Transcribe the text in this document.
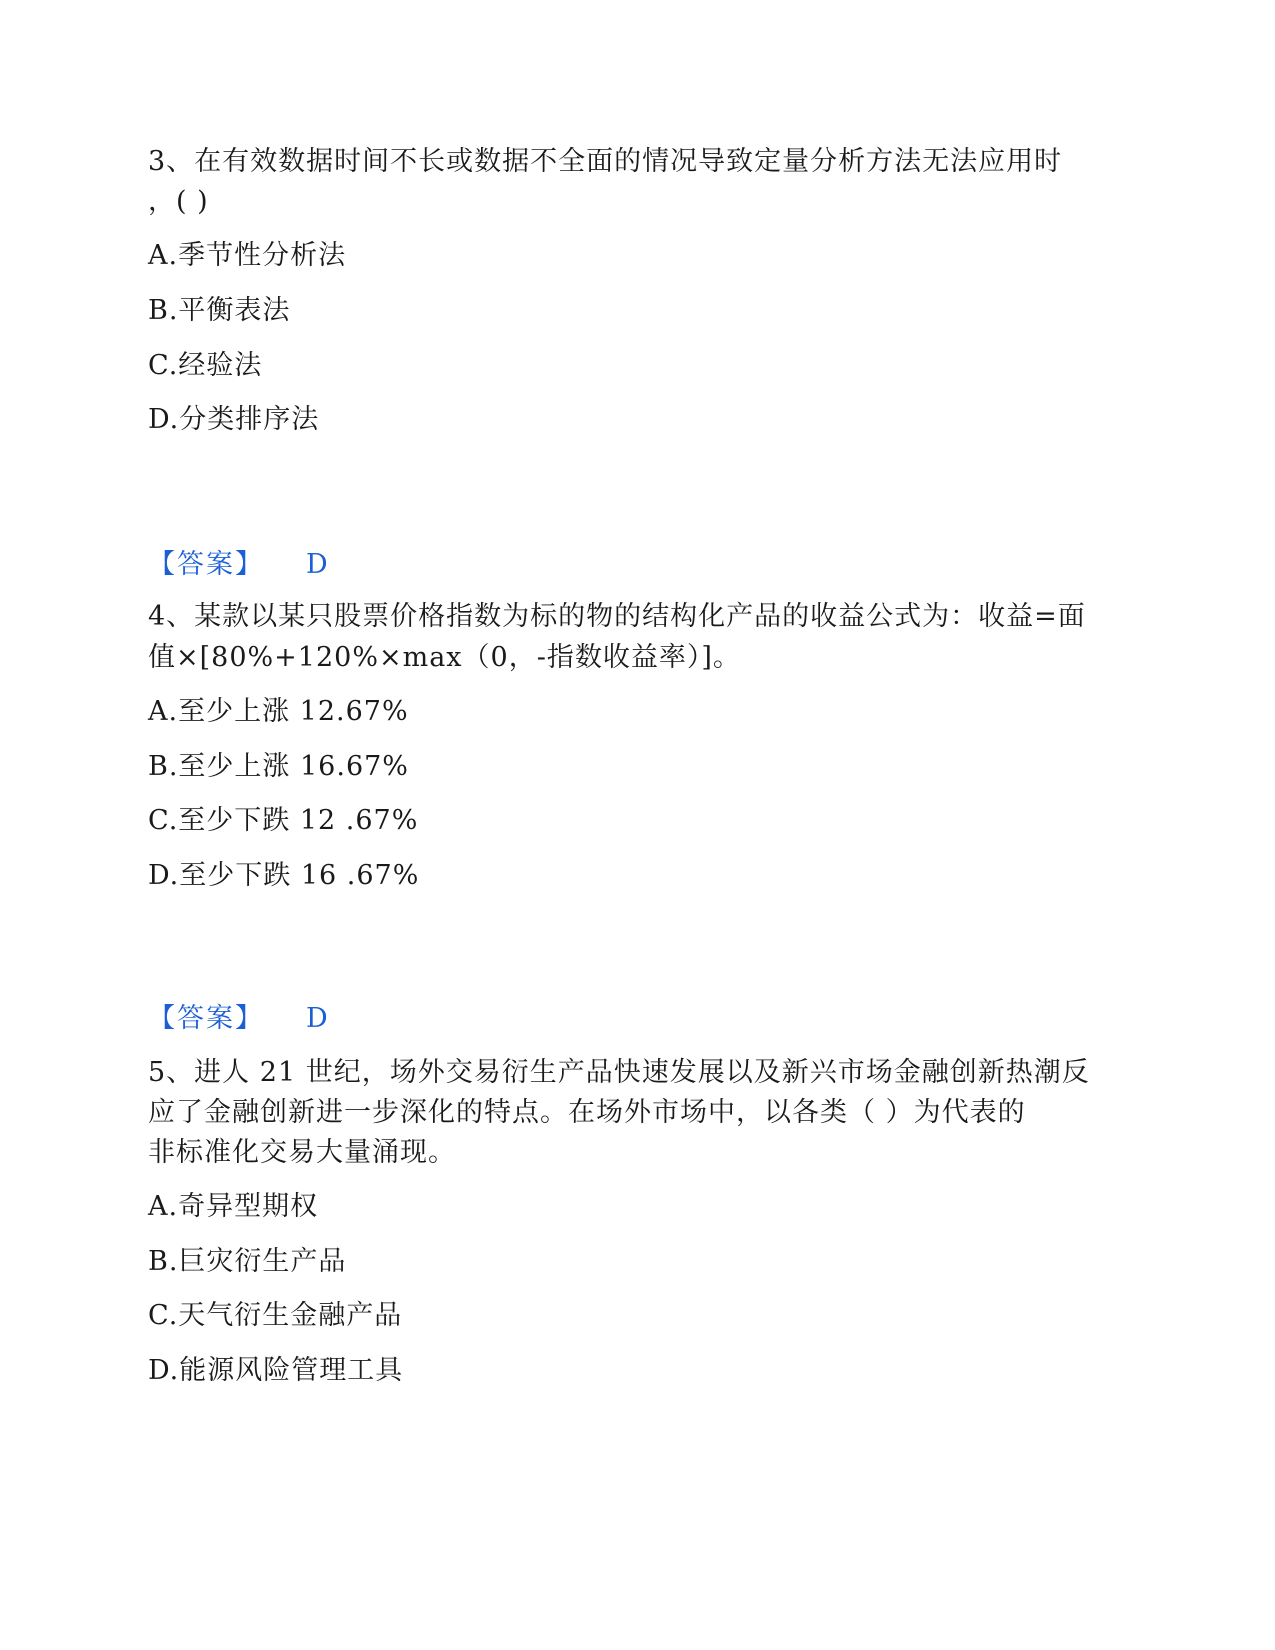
3、在有效数据时间不长或数据不全面的情况导致定量分析方法无法应用时
，( )
A.季节性分析法
B.平衡表法
C.经验法
D.分类排序法
【答案】 D
4、某款以某只股票价格指数为标的物的结构化产品的收益公式为：收益=面
值×[80%+120%×max（0，-指数收益率）]。
A.至少上涨 12.67%
B.至少上涨 16.67%
C.至少下跌 12 .67%
D.至少下跌 16 .67%
【答案】 D
5、进人 21 世纪，场外交易衍生产品快速发展以及新兴市场金融创新热潮反
应了金融创新进一步深化的特点。在场外市场中，以各类（ ）为代表的
非标准化交易大量涌现。
A.奇异型期权
B.巨灾衍生产品
C.天气衍生金融产品
D.能源风险管理工具
